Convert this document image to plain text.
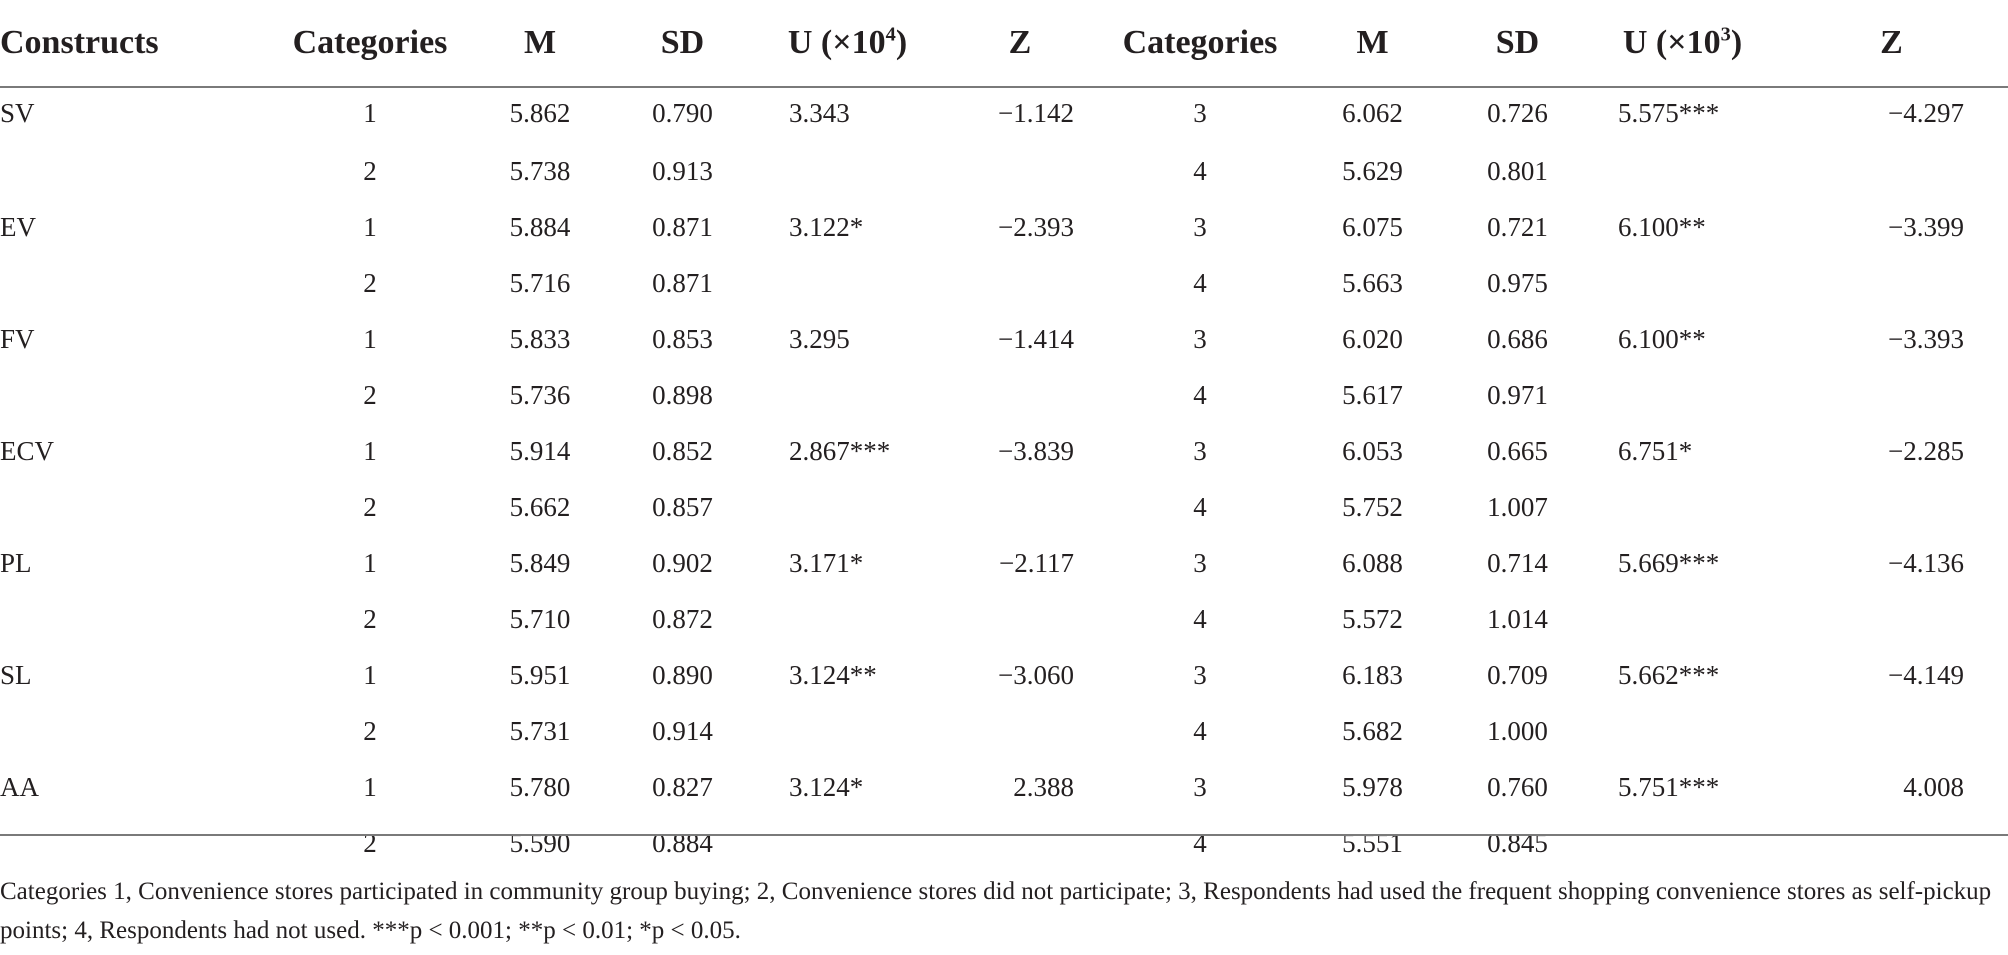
Constructs	Categories	M	SD	U $(\times 10^4)$	Z	Categories	M	SD	U $(\times 10^3)$	Z
SV	1	5.862	0.790	3.343	−1.142	3	6.062	0.726	5.575***	−4.297
	2	5.738	0.913			4	5.629	0.801		
EV	1	5.884	0.871	3.122*	−2.393	3	6.075	0.721	6.100**	−3.399
	2	5.716	0.871			4	5.663	0.975		
FV	1	5.833	0.853	3.295	−1.414	3	6.020	0.686	6.100**	−3.393
	2	5.736	0.898			4	5.617	0.971		
ECV	1	5.914	0.852	2.867***	−3.839	3	6.053	0.665	6.751*	−2.285
	2	5.662	0.857			4	5.752	1.007		
PL	1	5.849	0.902	3.171*	−2.117	3	6.088	0.714	5.669***	−4.136
	2	5.710	0.872			4	5.572	1.014		
SL	1	5.951	0.890	3.124**	−3.060	3	6.183	0.709	5.662***	−4.149
	2	5.731	0.914			4	5.682	1.000		
AA	1	5.780	0.827	3.124*	2.388	3	5.978	0.760	5.751***	4.008
	2	5.590	0.884			4	5.551	0.845		
Categories 1, Convenience stores participated in community group buying; 2, Convenience stores did not participate; 3, Respondents had used the frequent shopping convenience stores as self-pickup points; 4, Respondents had not used. ***p < 0.001; **p < 0.01; *p < 0.05.
